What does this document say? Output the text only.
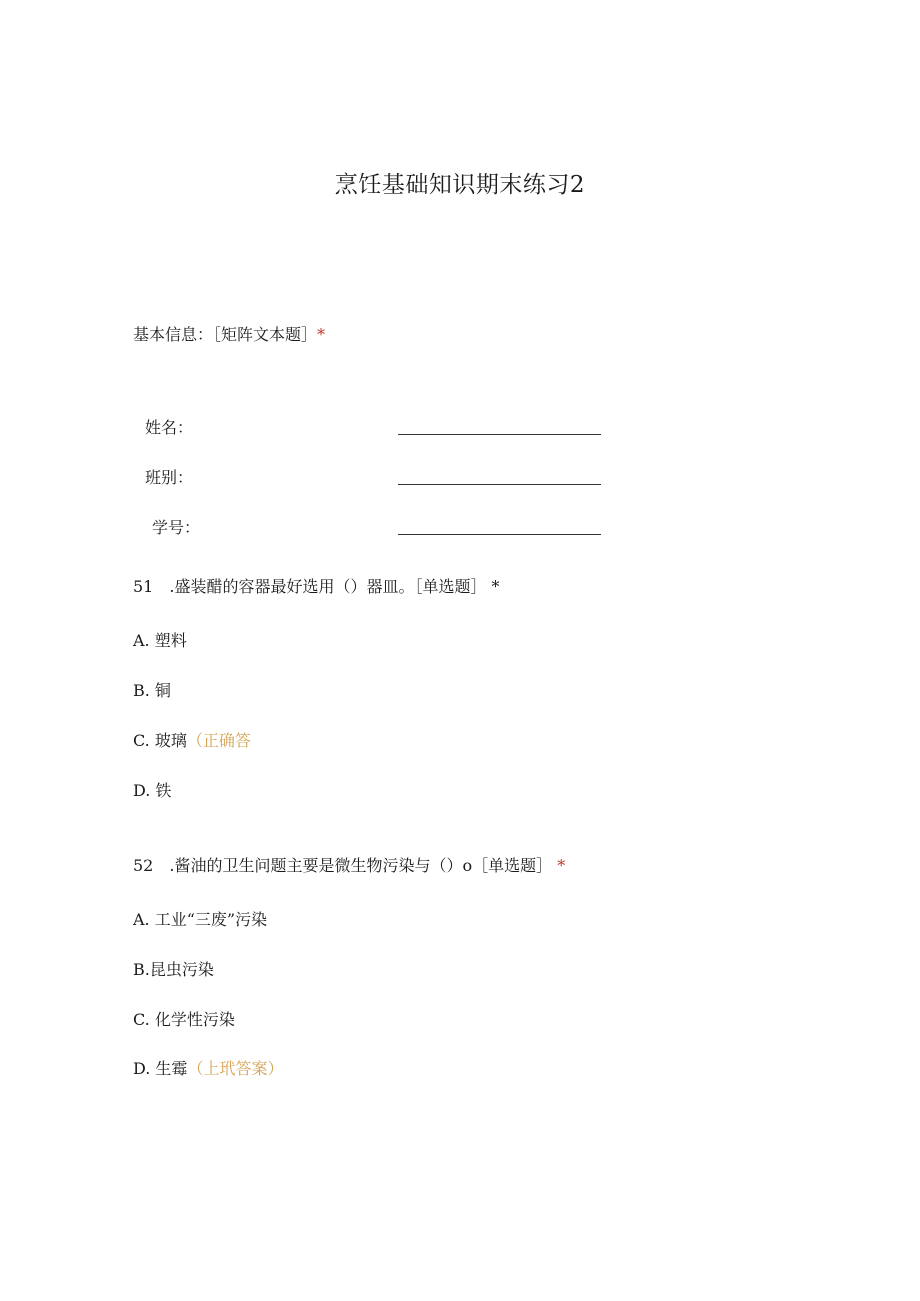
烹饪基础知识期末练习2
基本信息：［矩阵文本题］*
姓名：
班别：
学号：
51 .盛装醋的容器最好选用（）器皿。［单选题］ *
A. 塑料
B. 铜
C. 玻璃（正确答
D. 铁
52 .酱油的卫生问题主要是微生物污染与（）o［单选题］ *
A. 工业“三废”污染
B.昆虫污染
C. 化学性污染
D. 生霉（上玳答案）
